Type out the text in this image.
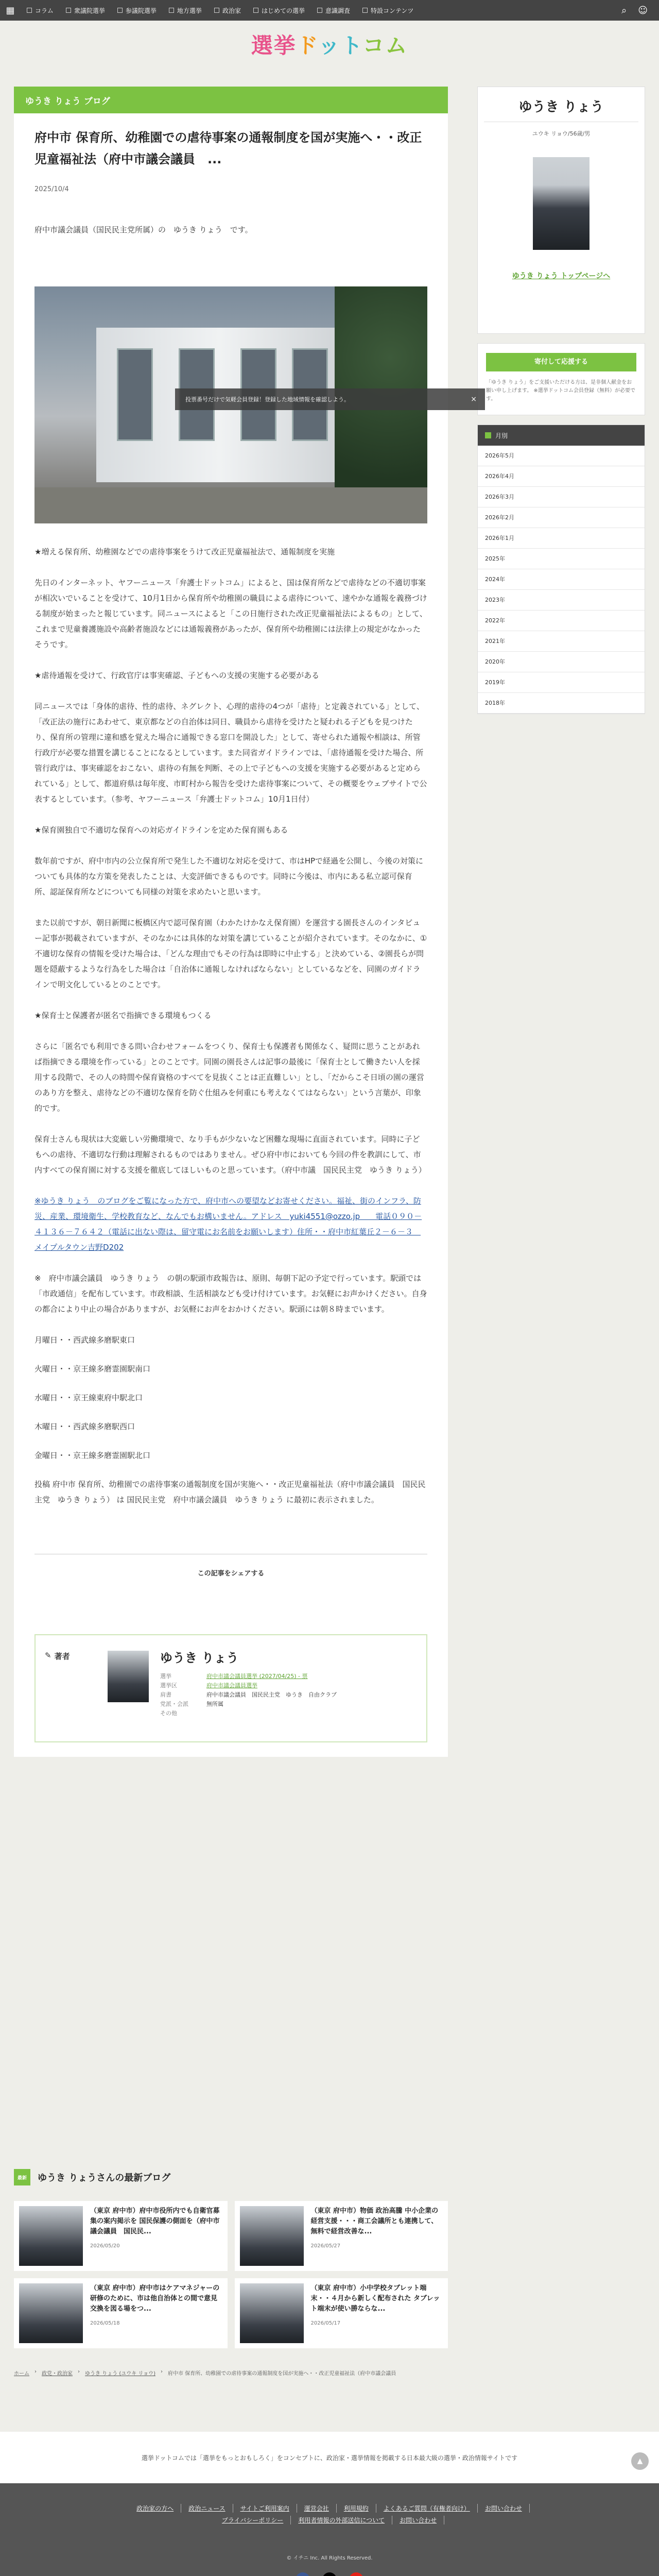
▦	コラム	衆議院選挙	参議院選挙	地方選挙	政治家	はじめての選挙	意識調査	特設コンテンツ	⌕ ☺
選挙ドットコム
ゆうき りょう ブログ
府中市 保育所、幼稚園での虐待事案の通報制度を国が実施へ・・改正児童福祉法（府中市議会議員　...
2025/10/4
府中市議会議員（国民民主党所属）の　ゆうき りょう　です。

★増える保育所、幼稚園などでの虐待事案をうけて改正児童福祉法で、通報制度を実施

先日のインターネット、ヤフーニュース「弁護士ドットコム」によると、国は保育所などで虐待などの不適切事案が相次いでいることを受けて、10月1日から保育所や幼稚園の職員による虐待について、速やかな通報を義務づける制度が始まったと報じています。同ニュースによると「この日施行された改正児童福祉法によるもの」として、これまで児童養護施設や高齢者施設などには通報義務があったが、保育所や幼稚園には法律上の規定がなかったそうです。

★虐待通報を受けて、行政官庁は事実確認、子どもへの支援の実施する必要がある

同ニュースでは「身体的虐待、性的虐待、ネグレクト、心理的虐待の4つが「虐待」と定義されている」として、「改正法の施行にあわせて、東京都などの自治体は同日、職員から虐待を受けたと疑われる子どもを見つけたり、保育所の管理に違和感を覚えた場合に通報できる窓口を開設した」として、寄せられた通報や相談は、所管行政庁が必要な措置を講じることになるとしています。また同省ガイドラインでは、「虐待通報を受けた場合、所管行政庁は、事実確認をおこない、虐待の有無を判断、その上で子どもへの支援を実施する必要があると定められている」として、都道府県は毎年度、市町村から報告を受けた虐待事案について、その概要をウェブサイトで公表するとしています。（参考、ヤフーニュース「弁護士ドットコム」10月1日付）

★保育園独自で不適切な保育への対応ガイドラインを定めた保育園もある

数年前ですが、府中市内の公立保育所で発生した不適切な対応を受けて、市はHPで経過を公開し、今後の対策についても具体的な方策を発表したことは、大変評価できるものです。同時に今後は、市内にある私立認可保育所、認証保育所などについても同様の対策を求めたいと思います。

また以前ですが、朝日新聞に板橋区内で認可保育園（わかたけかなえ保育園）を運営する園長さんのインタビュー記事が掲載されていますが、そのなかには具体的な対策を講じていることが紹介されています。そのなかに、①不適切な保育の情報を受けた場合は、「どんな理由でもその行為は即時に中止する」と決めている、②園長らが問題を隠蔽するような行為をした場合は「自治体に通報しなければならない」としているなどを、同園のガイドラインで明文化しているとのことです。

★保育士と保護者が匿名で指摘できる環境もつくる

さらに「匿名でも利用できる問い合わせフォームをつくり、保育士も保護者も関係なく、疑問に思うことがあれば指摘できる環境を作っている」とのことです。同園の園長さんは記事の最後に「保育士として働きたい人を採用する段階で、その人の時間や保育資格のすべてを見抜くことは正直難しい」とし、「だからこそ日頃の園の運営のあり方を整え、虐待などの不適切な保育を防ぐ仕組みを何重にも考えなくてはならない」という言葉が、印象的です。

保育士さんも現状は大変厳しい労働環境で、なり手もが少ないなど困難な現場に直面されています。同時に子どもへの虐待、不適切な行動は理解されるものではありません。ぜひ府中市においても今回の件を教訓にして、市内すべての保育園に対する支援を徹底してほしいものと思っています。（府中市議　国民民主党　ゆうき りょう）

※ゆうき りょう　のブログをご覧になった方で、府中市への要望などお寄せください。福祉、街のインフラ、防災、産業、環境衛生、学校教育など、なんでもお構いません。アドレス　yuki4551@ozzo.jp　　電話０９０－４１３６－７６４２（電話に出ない際は、留守電にお名前をお願いします）住所・・府中市紅葉丘２－６－３　メイプルタウン吉野D202

※　府中市議会議員　ゆうき りょう　の朝の駅頭市政報告は、原則、毎朝下記の予定で行っています。駅頭では「市政通信」を配布しています。市政相談、生活相談なども受け付けています。お気軽にお声かけください。自身の都合により中止の場合がありますが、お気軽にお声をおかけください。駅頭には朝８時までいます。

月曜日・・西武線多磨駅東口

火曜日・・京王線多磨霊園駅南口

水曜日・・京王線東府中駅北口

木曜日・・西武線多磨駅西口

金曜日・・京王線多磨霊園駅北口

投稿 府中市 保育所、幼稚園での虐待事案の通報制度を国が実施へ・・改正児童福祉法（府中市議会議員　国民民主党　ゆうき りょう） は 国民民主党　府中市議会議員　ゆうき りょう に最初に表示されました。

この記事をシェアする
✎ 著者	ゆうき りょう
選挙	府中市議会議員選挙 (2027/04/25) - 票
選挙区	府中市議会議員選挙
肩書	府中市議会議員　国民民主党　ゆうき　自由クラブ
党派・会派	無所属
その他
最新	ゆうき りょうさんの最新ブログ
（東京 府中市）府中市役所内でも自衛官募集の案内掲示を 国民保護の側面を（府中市議会議員　国民民...
2026/05/20
（東京 府中市）物価 政治高騰 中小企業の経営支援・・・商工会議所とも連携して、無料で経営改善な...
2026/05/27
（東京 府中市）府中市はケアマネジャーの研修のために、市は他自治体との間で意見交換を図る場をつ...
2026/05/18
（東京 府中市）小中学校タブレット端末・・４月から新しく配布された タブレット端末が使い勝ならな...
2026/05/17
ホーム › 政党・政治家 › ゆうき りょう (ユウキ リョウ) › 府中市 保育所、幼稚園での虐待事案の通報制度を国が実施へ・・改正児童福祉法（府中市議会議員
選挙ドットコムでは「選挙をもっとおもしろく」をコンセプトに、政治家・選挙情報を掲載する日本最大級の選挙・政治情報サイトです	▲
政治家の方へ	政治ニュース	サイトご利用案内	運営会社	利用規約	よくあるご質問（有権者向け）	お問い合わせ
プライバシーポリシー	利用者情報の外部送信について	お問い合わせ
© イチニ Inc. All Rights Reserved.
ゆうき りょう
ユウキ リョウ/56歳/男
ゆうき りょう トップページへ
寄付して応援する
「ゆうき りょう」をご支援いただける方は、是非個人献金をお願い申し上げます。 ※選挙ドットコム会員登録（無料）が必要です。
月別
2026年5月
2026年4月
2026年3月
2026年2月
2026年1月
2025年
2024年
2023年
2022年
2021年
2020年
2019年
2018年
投票番号だけで気軽会員登録！登録した地域情報を確認しよう。	×
